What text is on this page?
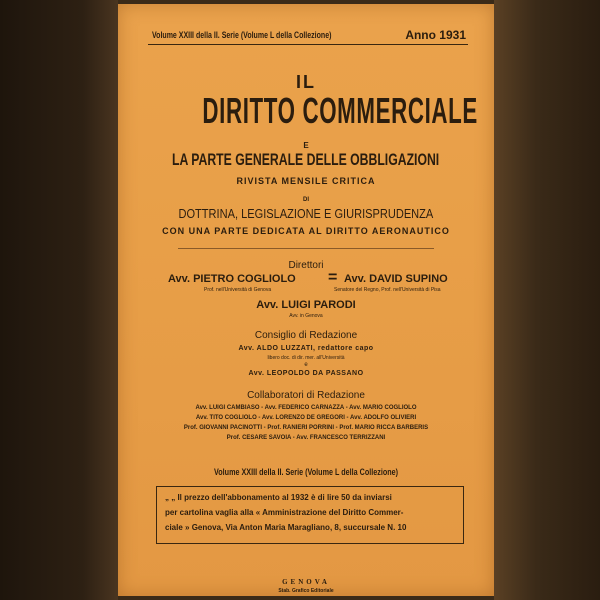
Volume XXIII della II. Serie (Volume L della Collezione)	Anno 1931
IL
DIRITTO COMMERCIALE
E
LA PARTE GENERALE DELLE OBBLIGAZIONI
RIVISTA MENSILE CRITICA
DI
DOTTRINA, LEGISLAZIONE E GIURISPRUDENZA
CON UNA PARTE DEDICATA AL DIRITTO AERONAUTICO
Direttori
Avv. PIETRO COGLIOLO
Prof. nell'Università di Genova
= Avv. DAVID SUPINO
Senatore del Regno, Prof. nell'Università di Pisa
Avv. LUIGI PARODI
Avv. in Genova
Consiglio di Redazione
Avv. ALDO LUZZATI, redattore capo
libero doc. di dir. mer. all'Università
e
Avv. LEOPOLDO DA PASSANO
Collaboratori di Redazione
Avv. LUIGI CAMBIASO - Avv. FEDERICO CARNAZZA - Avv. MARIO COGLIOLO
Avv. TITO COGLIOLO - Avv. LORENZO DE GREGORI - Avv. ADOLFO OLIVIERI
Prof. GIOVANNI PACINOTTI - Prof. RANIERI PORRINI - Prof. MARIO RICCA BARBERIS
Prof. CESARE SAVOIA - Avv. FRANCESCO TERRIZZANI
Volume XXIII della II. Serie (Volume L della Collezione)
„ „ Il prezzo dell'abbonamento al 1932 è di lire 50 da inviarsi
per cartolina vaglia alla « Amministrazione del Diritto Commer-
ciale » Genova, Via Anton Maria Maragliano, 8, succursale N. 10
GENOVA
Stab. Grafico Editoriale
